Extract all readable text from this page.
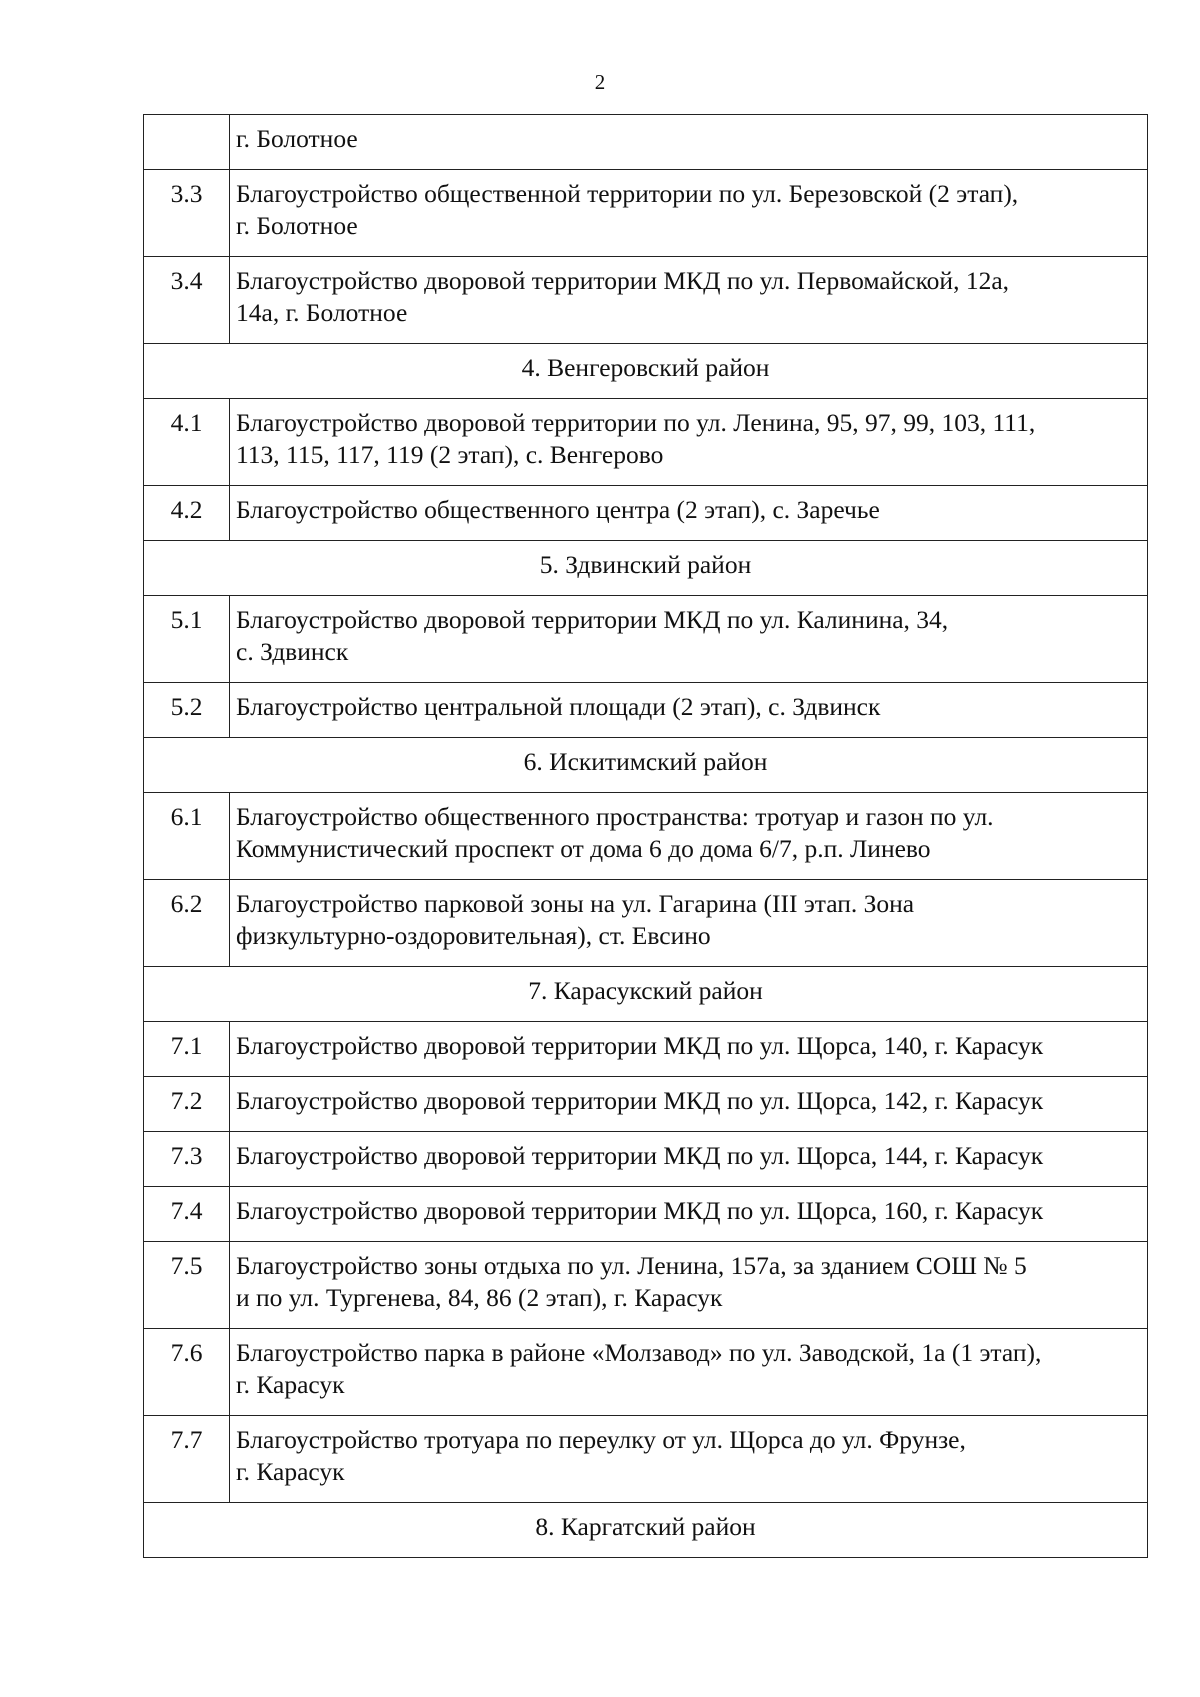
2
	г. Болотное
3.3	Благоустройство общественной территории по ул. Березовской (2 этап),
г. Болотное
3.4	Благоустройство дворовой территории МКД по ул. Первомайской, 12а,
14а, г. Болотное
4. Венгеровский район	
4.1	Благоустройство дворовой территории по ул. Ленина, 95, 97, 99, 103, 111,
113, 115, 117, 119 (2 этап), с. Венгерово
4.2	Благоустройство общественного центра (2 этап), с. Заречье
5. Здвинский район	
5.1	Благоустройство дворовой территории МКД по ул. Калинина, 34,
с. Здвинск
5.2	Благоустройство центральной площади (2 этап), с. Здвинск
6. Искитимский район	
6.1	Благоустройство общественного пространства: тротуар и газон по ул.
Коммунистический проспект от дома 6 до дома 6/7, р.п. Линево
6.2	Благоустройство парковой зоны на ул. Гагарина (III этап. Зона
физкультурно-оздоровительная), ст. Евсино
7. Карасукский район	
7.1	Благоустройство дворовой территории МКД по ул. Щорса, 140, г. Карасук
7.2	Благоустройство дворовой территории МКД по ул. Щорса, 142, г. Карасук
7.3	Благоустройство дворовой территории МКД по ул. Щорса, 144, г. Карасук
7.4	Благоустройство дворовой территории МКД по ул. Щорса, 160, г. Карасук
7.5	Благоустройство зоны отдыха по ул. Ленина, 157а, за зданием СОШ № 5
и по ул. Тургенева, 84, 86 (2 этап), г. Карасук
7.6	Благоустройство парка в районе «Молзавод» по ул. Заводской, 1а (1 этап),
г. Карасук
7.7	Благоустройство тротуара по переулку от ул. Щорса до ул. Фрунзе,
г. Карасук
8. Каргатский район	
